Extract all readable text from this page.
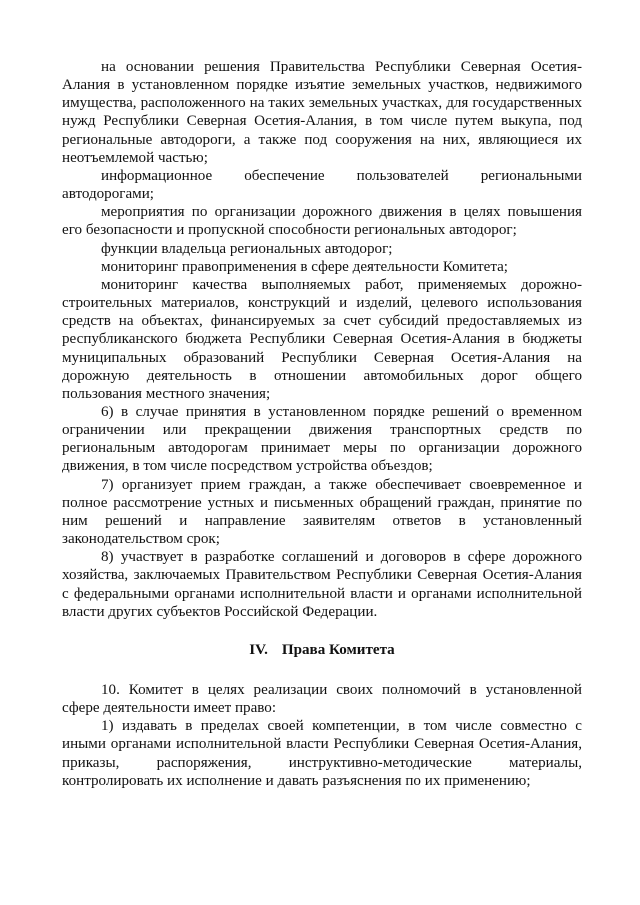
на основании решения Правительства Республики Северная Осетия-Алания в установленном порядке изъятие земельных участков, недвижимого имущества, расположенного на таких земельных участках, для государственных нужд Республики Северная Осетия-Алания, в том числе путем выкупа, под региональные автодороги, а также под сооружения на них, являющиеся их неотъемлемой частью;

информационное обеспечение пользователей региональными автодорогами;

мероприятия по организации дорожного движения в целях повышения его безопасности и пропускной способности региональных автодорог;

функции владельца региональных автодорог;

мониторинг правоприменения в сфере деятельности Комитета;

мониторинг качества выполняемых работ, применяемых дорожно-строительных материалов, конструкций и изделий, целевого использования средств на объектах, финансируемых за счет субсидий предоставляемых из республиканского бюджета Республики Северная Осетия-Алания в бюджеты муниципальных образований Республики Северная Осетия-Алания на дорожную деятельность в отношении автомобильных дорог общего пользования местного значения;

6) в случае принятия в установленном порядке решений о временном ограничении или прекращении движения транспортных средств по региональным автодорогам принимает меры по организации дорожного движения, в том числе посредством устройства объездов;

7) организует прием граждан, а также обеспечивает своевременное и полное рассмотрение устных и письменных обращений граждан, принятие по ним решений и направление заявителям ответов в установленный законодательством срок;

8) участвует в разработке соглашений и договоров в сфере дорожного хозяйства, заключаемых Правительством Республики Северная Осетия-Алания с федеральными органами исполнительной власти и органами исполнительной власти других субъектов Российской Федерации.

IV. Права Комитета

10. Комитет в целях реализации своих полномочий в установленной сфере деятельности имеет право:

1) издавать в пределах своей компетенции, в том числе совместно с иными органами исполнительной власти Республики Северная Осетия-Алания, приказы, распоряжения, инструктивно-методические материалы, контролировать их исполнение и давать разъяснения по их применению;
